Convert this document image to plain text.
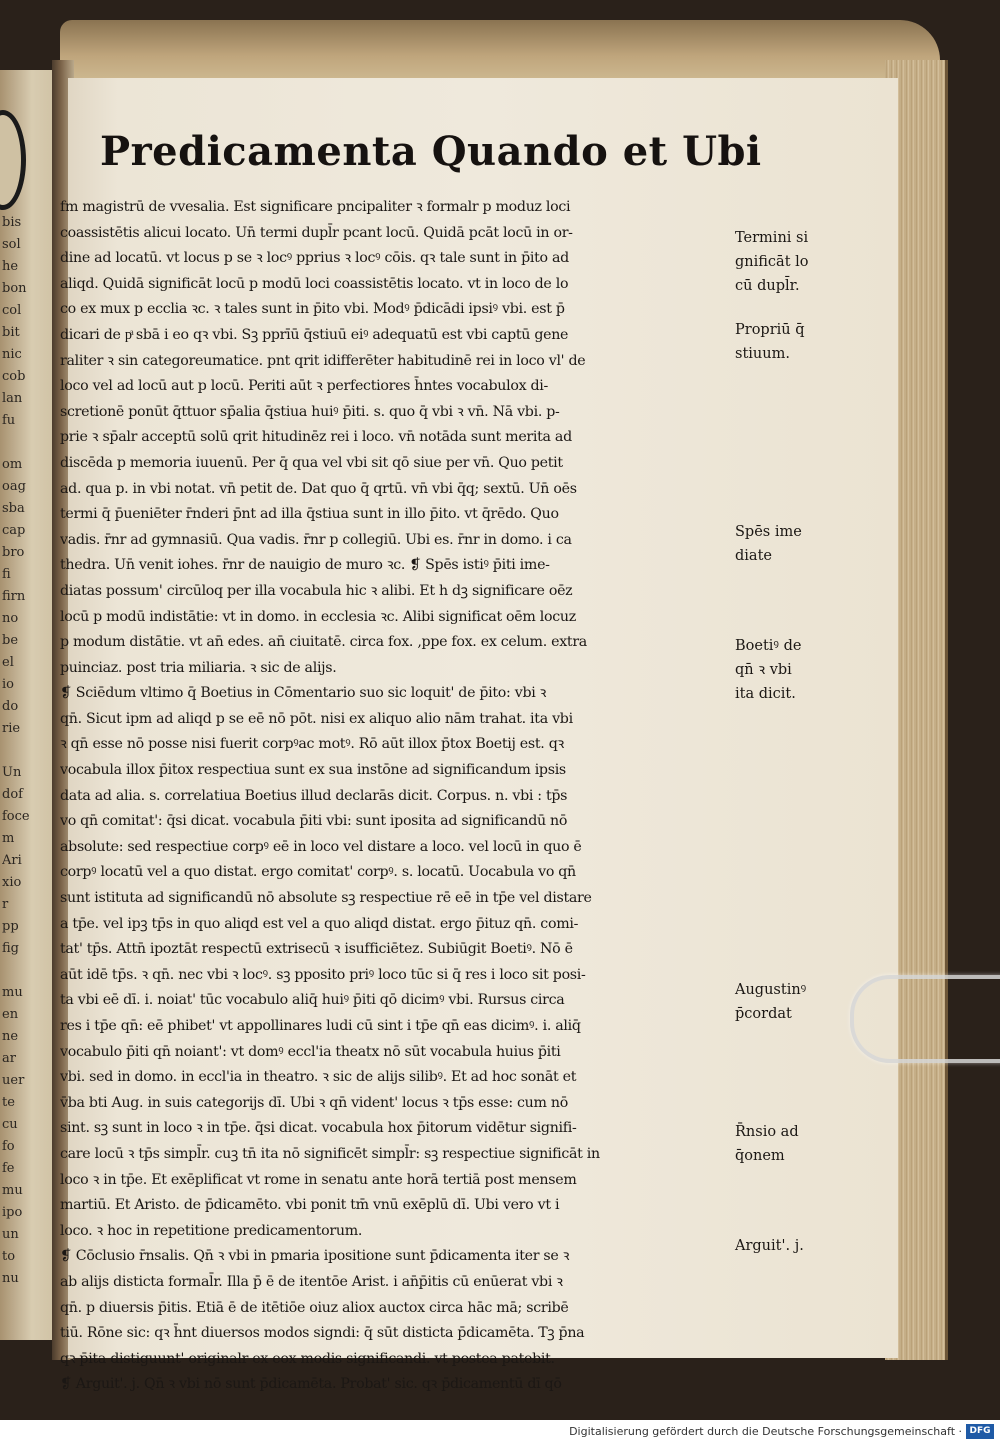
bis
sol
he
bon
col
bit
nic
cob
lan
fu

om
oag
sba
cap
bro
fi
firn
no
be
el
io
do
rie

Un
dof
foce
m
Ari
xio
r
pp
fig

mu
en
ne
ar
uer
te
cu
fo
fe
mu
ipo
un
to
nu
Predicamenta Quando et Ubi
fm magistrū de vvesalia. Est significare pncipaliter ꝛ formalr p moduz loci
coassistētis alicui locato. Un̄ termi dupl̄r pcant locū. Quidā pcāt locū in or-
dine ad locatū. vt locus p se ꝛ locꝰ pprius ꝛ locꝰ cōis. qꝛ tale sunt in p̄ito ad
aliqd. Quidā significāt locū p modū loci coassistētis locato. vt in loco de lo
co ex mux p ecclia ꝛc. ꝛ tales sunt in p̄ito vbi. Modꝰ p̄dicādi ipsiꝰ vbi. est p̄
dicari de pͣ sbā i eo qꝛ vbi. Sꝫ pprīū q̄stiuū eiꝰ adequatū est vbi captū gene
raliter ꝛ sin categoreumatice. pnt qrit idifferēter habitudinē rei in loco vl' de
loco vel ad locū aut p locū. Periti aūt ꝛ perfectiores h̄ntes vocabulox di-
scretionē ponūt q̄ttuor sp̄alia q̄stiua huiꝰ p̄iti. s. quo q̄ vbi ꝛ vn̄. Nā vbi. p-
prie ꝛ sp̄alr acceptū solū qrit hitudinēz rei i loco. vn̄ notāda sunt merita ad
discēda p memoria iuuenū. Per q̄ qua vel vbi sit qō siue per vn̄. Quo petit
ad. qua p. in vbi notat. vn̄ petit de. Dat quo q̄ qrtū. vn̄ vbi q̄q; sextū. Un̄ oēs
termi q̄ p̄ueniēter r̄nderi p̄nt ad illa q̄stiua sunt in illo p̄ito. vt q̄rēdo. Quo
vadis. r̄nr ad gymnasiū. Qua vadis. r̄nr p collegiū. Ubi es. r̄nr in domo. i ca
thedra. Un̄ venit iohes. r̄nr de nauigio de muro ꝛc. ❡ Spēs istiꝰ p̄iti ime-
diatas possum' circūloq per illa vocabula hic ꝛ alibi. Et h dꝫ significare oēz
locū p modū indistātie: vt in domo. in ecclesia ꝛc. Alibi significat oēm locuz
p modum distātie. vt an̄ edes. an̄ ciuitatē. circa fox. ,ppe fox. ex celum. extra
puinciaz. post tria miliaria. ꝛ sic de alijs.
❡ Sciēdum vltimo q̄ Boetius in Cōmentario suo sic loquit' de p̄ito: vbi ꝛ
qn̄. Sicut ipm ad aliqd p se eē nō pōt. nisi ex aliquo alio nām trahat. ita vbi
ꝛ qn̄ esse nō posse nisi fuerit corpꝰac motꝰ. Rō aūt illox p̄tox Boetij est. qꝛ
vocabula illox p̄itox respectiua sunt ex sua instōne ad significandum ipsis
data ad alia. s. correlatiua Boetius illud declarās dicit. Corpus. n. vbi : tp̄s
vo qn̄ comitat': q̄si dicat. vocabula p̄iti vbi: sunt iposita ad significandū nō
absolute: sed respectiue corpꝰ eē in loco vel distare a loco. vel locū in quo ē
corpꝰ locatū vel a quo distat. ergo comitat' corpꝰ. s. locatū. Uocabula vo qn̄
sunt istituta ad significandū nō absolute sꝫ respectiue rē eē in tp̄e vel distare
a tp̄e. vel ipꝫ tp̄s in quo aliqd est vel a quo aliqd distat. ergo p̄ituz qn̄. comi-
tat' tp̄s. Attn̄ ipoztāt respectū extrisecū ꝛ isufficiētez. Subiūgit Boetiꝰ. Nō ē
aūt idē tp̄s. ꝛ qn̄. nec vbi ꝛ locꝰ. sꝫ pposito priꝰ loco tūc si q̄ res i loco sit posi-
ta vbi eē dī. i. noiat' tūc vocabulo aliq̄ huiꝰ p̄iti qō dicimꝰ vbi. Rursus circa
res i tp̄e qn̄: eē phibet' vt appollinares ludi cū sint i tp̄e qn̄ eas dicimꝰ. i. aliq̄
vocabulo p̄iti qn̄ noiant': vt domꝰ eccl'ia theatx nō sūt vocabula huius p̄iti
vbi. sed in domo. in eccl'ia in theatro. ꝛ sic de alijs silibꝰ. Et ad hoc sonāt et
v̄ba bti Aug. in suis categorijs dī. Ubi ꝛ qn̄ vident' locus ꝛ tp̄s esse: cum nō
sint. sꝫ sunt in loco ꝛ in tp̄e. q̄si dicat. vocabula hox p̄itorum vidētur signifi-
care locū ꝛ tp̄s simpl̄r. cuꝫ tn̄ ita nō significēt simpl̄r: sꝫ respectiue significāt in
loco ꝛ in tp̄e. Et exēplificat vt rome in senatu ante horā tertiā post mensem
martiū. Et Aristo. de p̄dicamēto. vbi ponit tm̄ vnū exēplū dī. Ubi vero vt i
loco. ꝛ hoc in repetitione predicamentorum.
❡ Cōclusio r̄nsalis. Qn̄ ꝛ vbi in pmaria ipositione sunt p̄dicamenta iter se ꝛ
ab alijs disticta formal̄r. Illa p̄ ē de itentōe Arist. i an̄p̄itis cū enūerat vbi ꝛ
qn̄. p diuersis p̄itis. Etiā ē de itētiōe oiuz aliox auctox circa hāc mā; scribē
tiū. Rōne sic: qꝛ h̄nt diuersos modos signdi: q̄ sūt disticta p̄dicamēta. Tꝫ p̄na
qꝛ p̄ita distiguunt' originalr ex eox modis significandi. vt postea patebit.
❡ Arguit'. j. Qn̄ ꝛ vbi nō sunt p̄dicamēta. Probat' sic. qꝛ p̄dicamentū dī qō
Termini si
gnificāt lo
cū dupl̄r.
Propriū q̄
stiuum.
Spēs ime
diate
Boetiꝰ de
qn̄ ꝛ vbi
ita dicit.
Augustinꝰ
p̄cordat
R̄nsio ad
q̄onem
Arguit'. j.
Digitalisierung gefördert durch die Deutsche Forschungsgemeinschaft · DFG
